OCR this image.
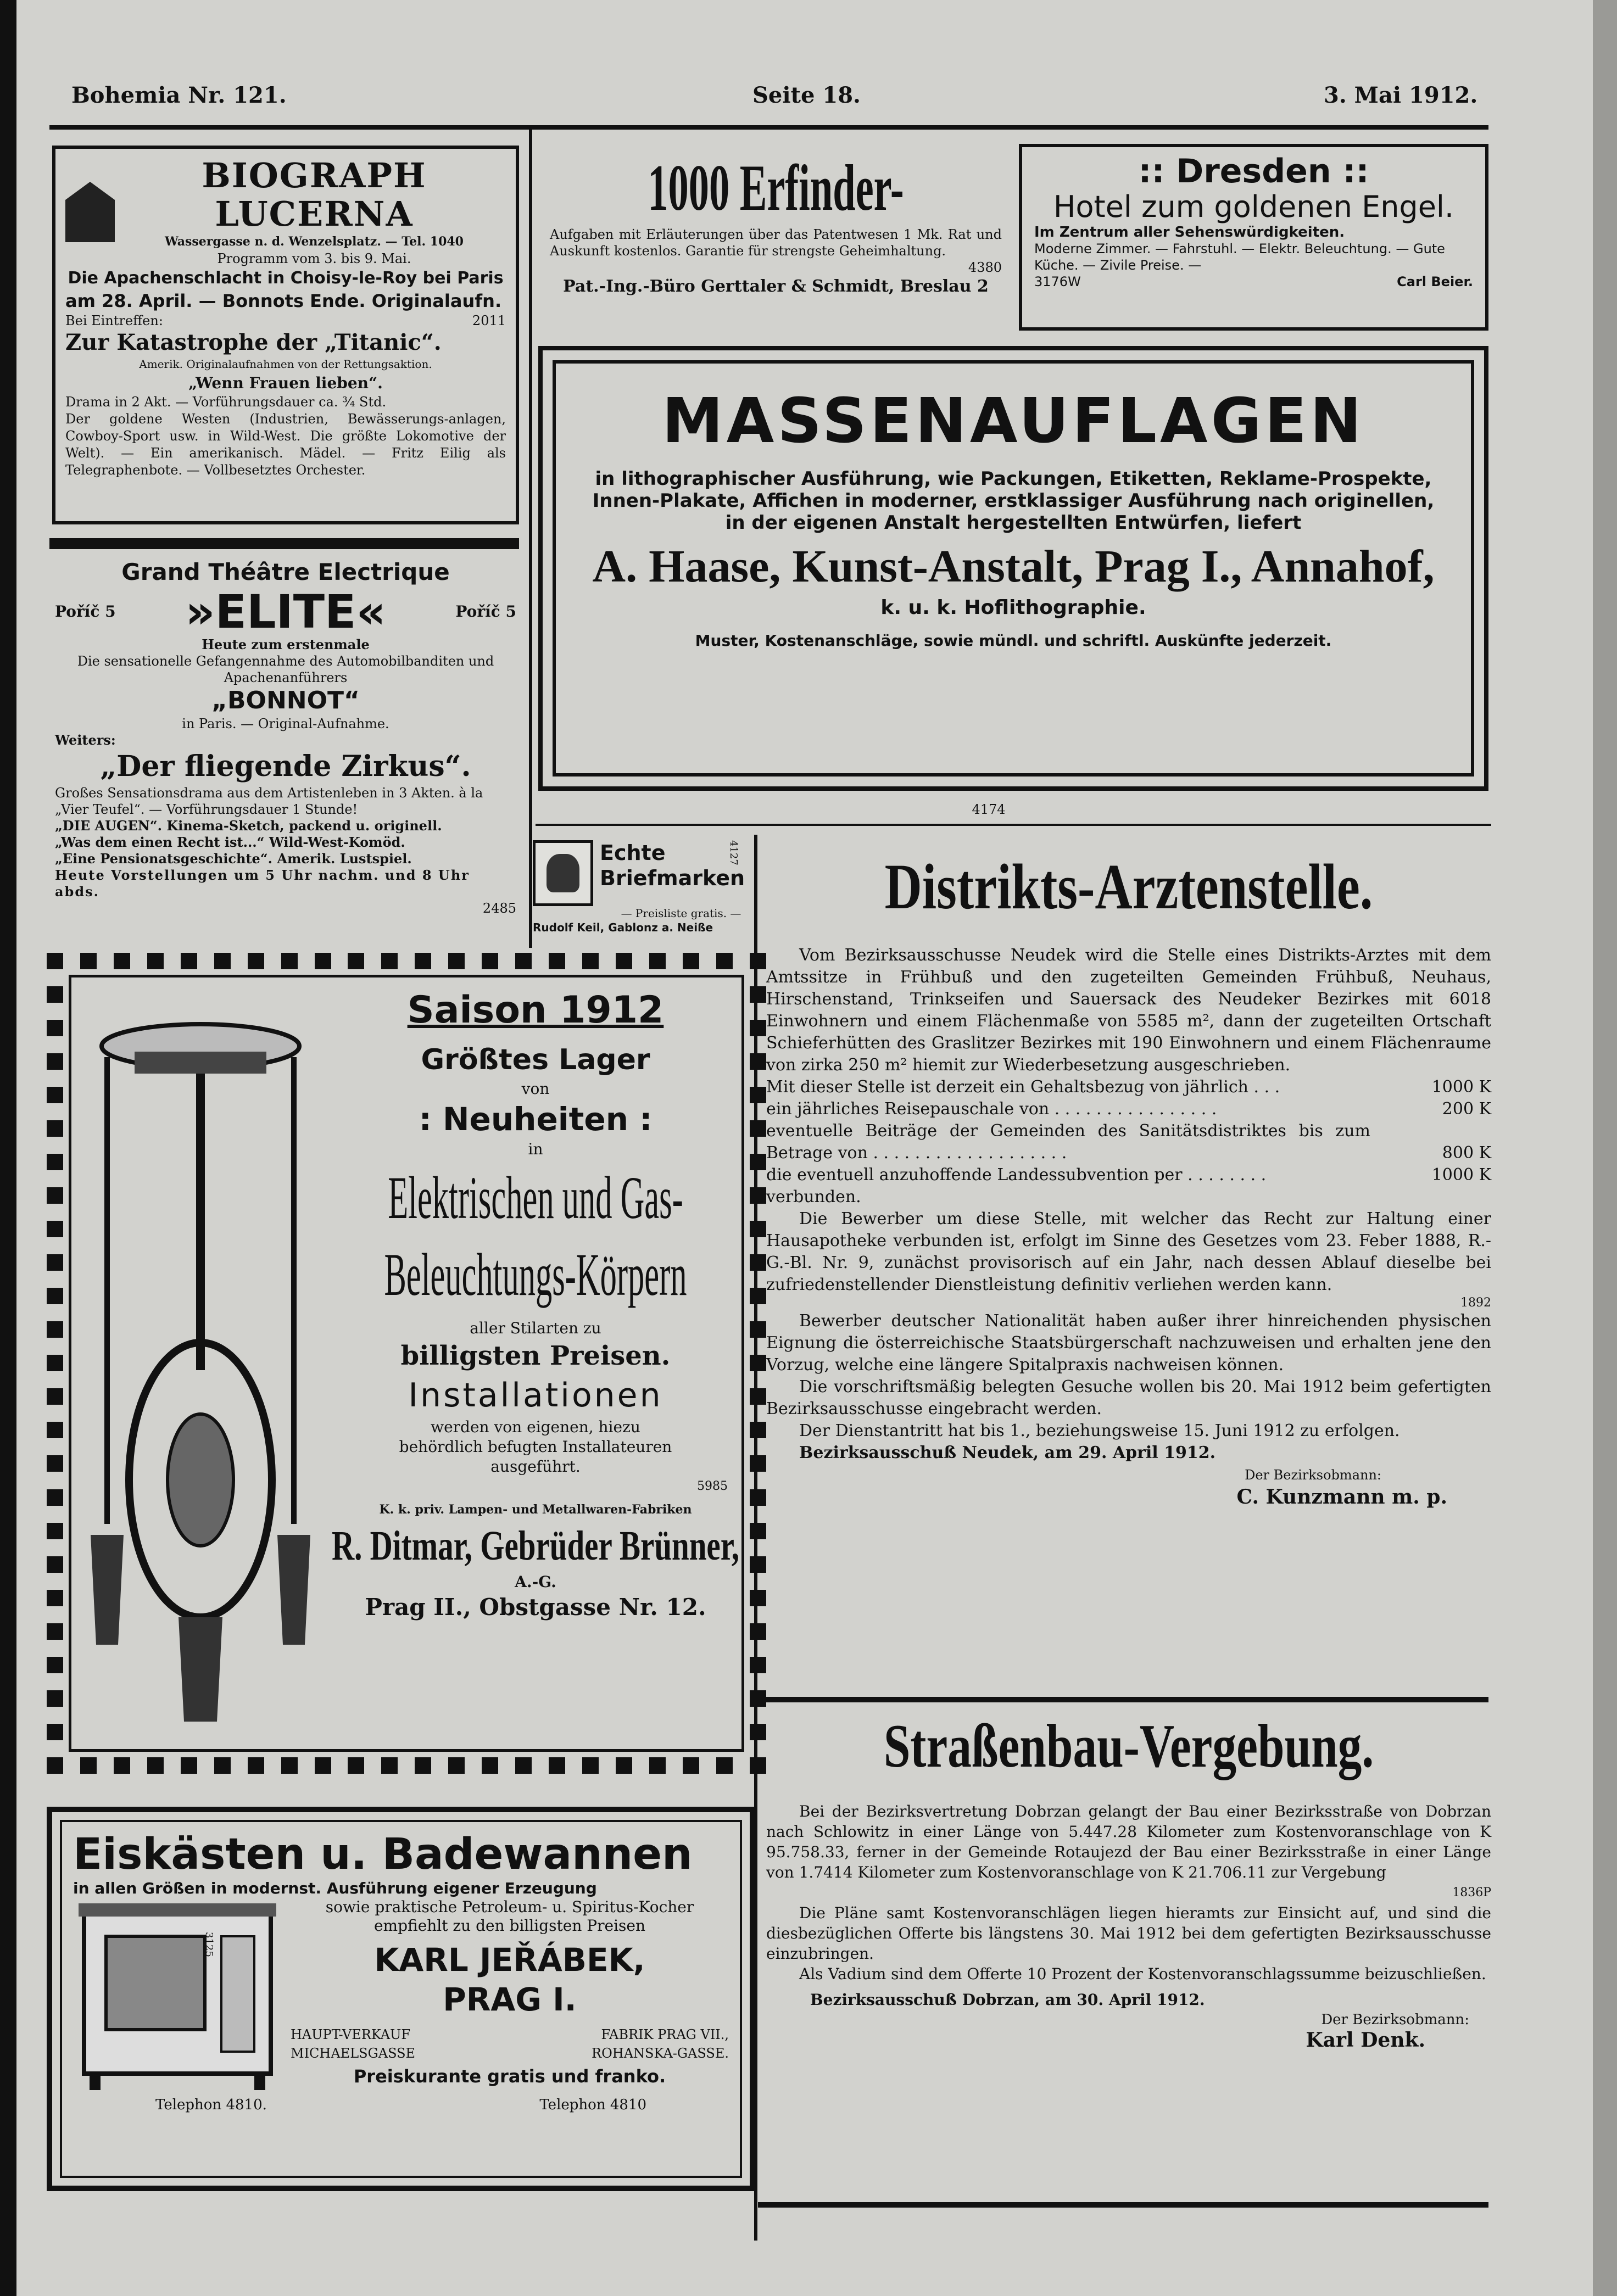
Bohemia Nr. 121.	Seite 18.	3. Mai 1912.
BIOGRAPH LUCERNA
Wassergasse n. d. Wenzelsplatz. — Tel. 1040
Programm vom 3. bis 9. Mai.
Die Apachenschlacht in Choisy-le-Roy bei Paris
am 28. April. — Bonnots Ende. Originalaufn.
Bei Eintreffen:	2011
Zur Katastrophe der „Titanic“.
Amerik. Originalaufnahmen von der Rettungsaktion.
„Wenn Frauen lieben“.
Drama in 2 Akt. — Vorführungsdauer ca. ¾ Std.
Der goldene Westen (Industrien, Bewässerungs-anlagen, Cowboy-Sport usw. in Wild-West. Die größte Lokomotive der Welt). — Ein amerikanisch. Mädel. — Fritz Eilig als Telegraphenbote. — Vollbesetztes Orchester.
1000 Erfinder-
Aufgaben mit Erläuterungen über das Patentwesen 1 Mk. Rat und Auskunft kostenlos. Garantie für strengste Geheimhaltung.
4380
Pat.-Ing.-Büro Gerttaler & Schmidt, Breslau 2
:: Dresden ::
Hotel zum goldenen Engel.
Im Zentrum aller Sehenswürdigkeiten.
Moderne Zimmer. — Fahrstuhl. — Elektr. Beleuchtung. — Gute Küche. — Zivile Preise. —
3176W	Carl Beier.
MASSENAUFLAGEN
in lithographischer Ausführung, wie Packungen, Etiketten, Reklame-Prospekte, Innen-Plakate, Affichen in moderner, erstklassiger Ausführung nach originellen, in der eigenen Anstalt hergestellten Entwürfen, liefert
A. Haase, Kunst-Anstalt, Prag I., Annahof,
k. u. k. Hoflithographie.
Muster, Kostenanschläge, sowie mündl. und schriftl. Auskünfte jederzeit.
4174
Grand Théâtre Electrique
Poříč 5 »ELITE«	Poříč 5
Heute zum erstenmale
Die sensationelle Gefangennahme des Automobilbanditen und Apachenanführers
„BONNOT“
in Paris. — Original-Aufnahme.
Weiters:
„Der fliegende Zirkus“.
Großes Sensationsdrama aus dem Artistenleben in 3 Akten. à la „Vier Teufel“. — Vorführungsdauer 1 Stunde!
„DIE AUGEN“. Kinema-Sketch, packend u. originell.
„Was dem einen Recht ist...“ Wild-West-Komöd.
„Eine Pensionatsgeschichte“. Amerik. Lustspiel.
Heute Vorstellungen um 5 Uhr nachm. und 8 Uhr abds.
2485
Echte Briefmarken
4127
— Preisliste gratis. —
Rudolf Keil, Gablonz a. Neiße
Saison 1912
Größtes Lager
von
: Neuheiten :
in
Elektrischen und Gas-
Beleuchtungs-Körpern
aller Stilarten zu
billigsten Preisen.
Installationen
werden von eigenen, hiezu behördlich befugten Installateuren ausgeführt.
5985
K. k. priv. Lampen- und Metallwaren-Fabriken
R. Ditmar, Gebrüder Brünner,
A.-G.
Prag II., Obstgasse Nr. 12.
Eiskästen u. Badewannen
in allen Größen in modernst. Ausführung eigener Erzeugung
sowie praktische Petroleum- u. Spiritus-Kocher empfiehlt zu den billigsten Preisen
KARL JEŘÁBEK,
PRAG I.
HAUPT-VERKAUF
MICHAELSGASSE
FABRIK PRAG VII.,
ROHANSKA-GASSE.
Preiskurante gratis und franko.
3125
Telephon 4810.	Telephon 4810
Distrikts-Arztenstelle.

Vom Bezirksausschusse Neudek wird die Stelle eines Distrikts-Arztes mit dem Amtssitze in Frühbuß und den zugeteilten Gemeinden Frühbuß, Neuhaus, Hirschenstand, Trinkseifen und Sauersack des Neudeker Bezirkes mit 6018 Einwohnern und einem Flächenmaße von 5585 m², dann der zugeteilten Ortschaft Schieferhütten des Graslitzer Bezirkes mit 190 Einwohnern und einem Flächenraume von zirka 250 m² hiemit zur Wiederbesetzung ausgeschrieben.

Mit dieser Stelle ist derzeit ein Gehaltsbezug von jährlich . . .	1000 K
ein jährliches Reisepauschale von . . . . . . . . . . . . . . . .	200 K
eventuelle Beiträge der Gemeinden des Sanitätsdistriktes bis zum Betrage von . . . . . . . . . . . . . . . . . . .	800 K
die eventuell anzuhoffende Landessubvention per . . . . . . . .	1000 K
verbunden.

Die Bewerber um diese Stelle, mit welcher das Recht zur Haltung einer Hausapotheke verbunden ist, erfolgt im Sinne des Gesetzes vom 23. Feber 1888, R.-G.-Bl. Nr. 9, zunächst provisorisch auf ein Jahr, nach dessen Ablauf dieselbe bei zufriedenstellender Dienstleistung definitiv verliehen werden kann.

1892

Bewerber deutscher Nationalität haben außer ihrer hinreichenden physischen Eignung die österreichische Staatsbürgerschaft nachzuweisen und erhalten jene den Vorzug, welche eine längere Spitalpraxis nachweisen können.

Die vorschriftsmäßig belegten Gesuche wollen bis 20. Mai 1912 beim gefertigten Bezirksausschusse eingebracht werden.

Der Dienstantritt hat bis 1., beziehungsweise 15. Juni 1912 zu erfolgen.

Bezirksausschuß Neudek, am 29. April 1912.
Der Bezirksobmann:
C. Kunzmann m. p.
Straßenbau-Vergebung.

Bei der Bezirksvertretung Dobrzan gelangt der Bau einer Bezirksstraße von Dobrzan nach Schlowitz in einer Länge von 5.447.28 Kilometer zum Kostenvoranschlage von K 95.758.33, ferner in der Gemeinde Rotaujezd der Bau einer Bezirksstraße in einer Länge von 1.7414 Kilometer zum Kostenvoranschlage von K 21.706.11 zur Vergebung

1836P

Die Pläne samt Kostenvoranschlägen liegen hieramts zur Einsicht auf, und sind die diesbezüglichen Offerte bis längstens 30. Mai 1912 bei dem gefertigten Bezirksausschusse einzubringen.

Als Vadium sind dem Offerte 10 Prozent der Kostenvoranschlagssumme beizuschließen.

Bezirksausschuß Dobrzan, am 30. April 1912.
Der Bezirksobmann:
Karl Denk.
